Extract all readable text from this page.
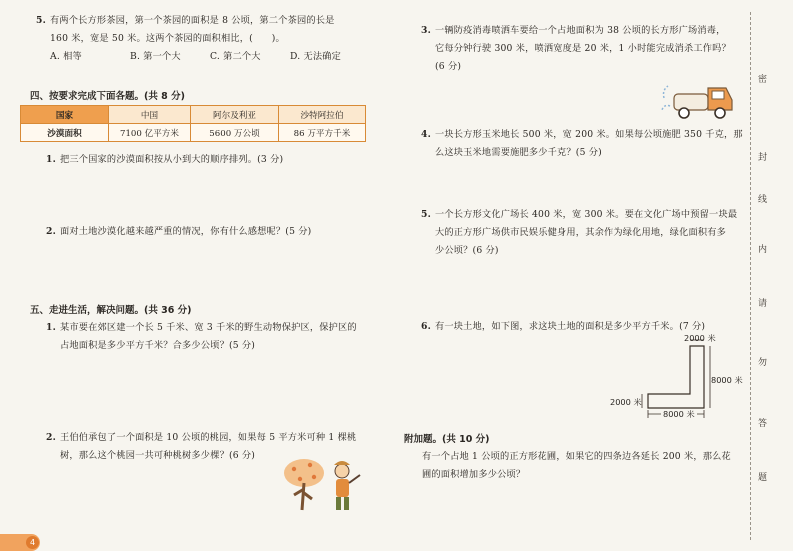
5. 有两个长方形茶园，第一个茶园的面积是 8 公顷，第二个茶园的长是
160 米，宽是 50 米。这两个茶园的面积相比，(　　)。
A. 相等	B. 第一个大	C. 第二个大	D. 无法确定
四、按要求完成下面各题。(共 8 分)
国家	中国	阿尔及利亚	沙特阿拉伯
沙漠面积	7100 亿平方米	5600 万公顷	86 万平方千米
1. 把三个国家的沙漠面积按从小到大的顺序排列。(3 分)
2. 面对土地沙漠化越来越严重的情况，你有什么感想呢？(5 分)
五、走进生活，解决问题。(共 36 分)
1. 某市要在郊区建一个长 5 千米、宽 3 千米的野生动物保护区，保护区的
占地面积是多少平方千米？合多少公顷？(5 分)
2. 王伯伯承包了一个面积是 10 公顷的桃园，如果每 5 平方米可种 1 棵桃
树，那么这个桃园一共可种桃树多少棵？(6 分)
4
3. 一辆防疫消毒喷洒车要给一个占地面积为 38 公顷的长方形广场消毒，
它每分钟行驶 300 米，喷洒宽度是 20 米，1 小时能完成消杀工作吗？
(6 分)
4. 一块长方形玉米地长 500 米，宽 200 米。如果每公顷施肥 350 千克，那
么这块玉米地需要施肥多少千克？(5 分)
5. 一个长方形文化广场长 400 米，宽 300 米。要在文化广场中预留一块最
大的正方形广场供市民娱乐健身用，其余作为绿化用地，绿化面积有多
少公顷？(6 分)
6. 有一块土地，如下图，求这块土地的面积是多少平方千米。(7 分)
2000 米
8000 米
2000 米
8000 米
附加题。(共 10 分)
有一个占地 1 公顷的正方形花圃，如果它的四条边各延长 200 米，那么花
圃的面积增加多少公顷？
密
封
线
内
请
勿
答
题
